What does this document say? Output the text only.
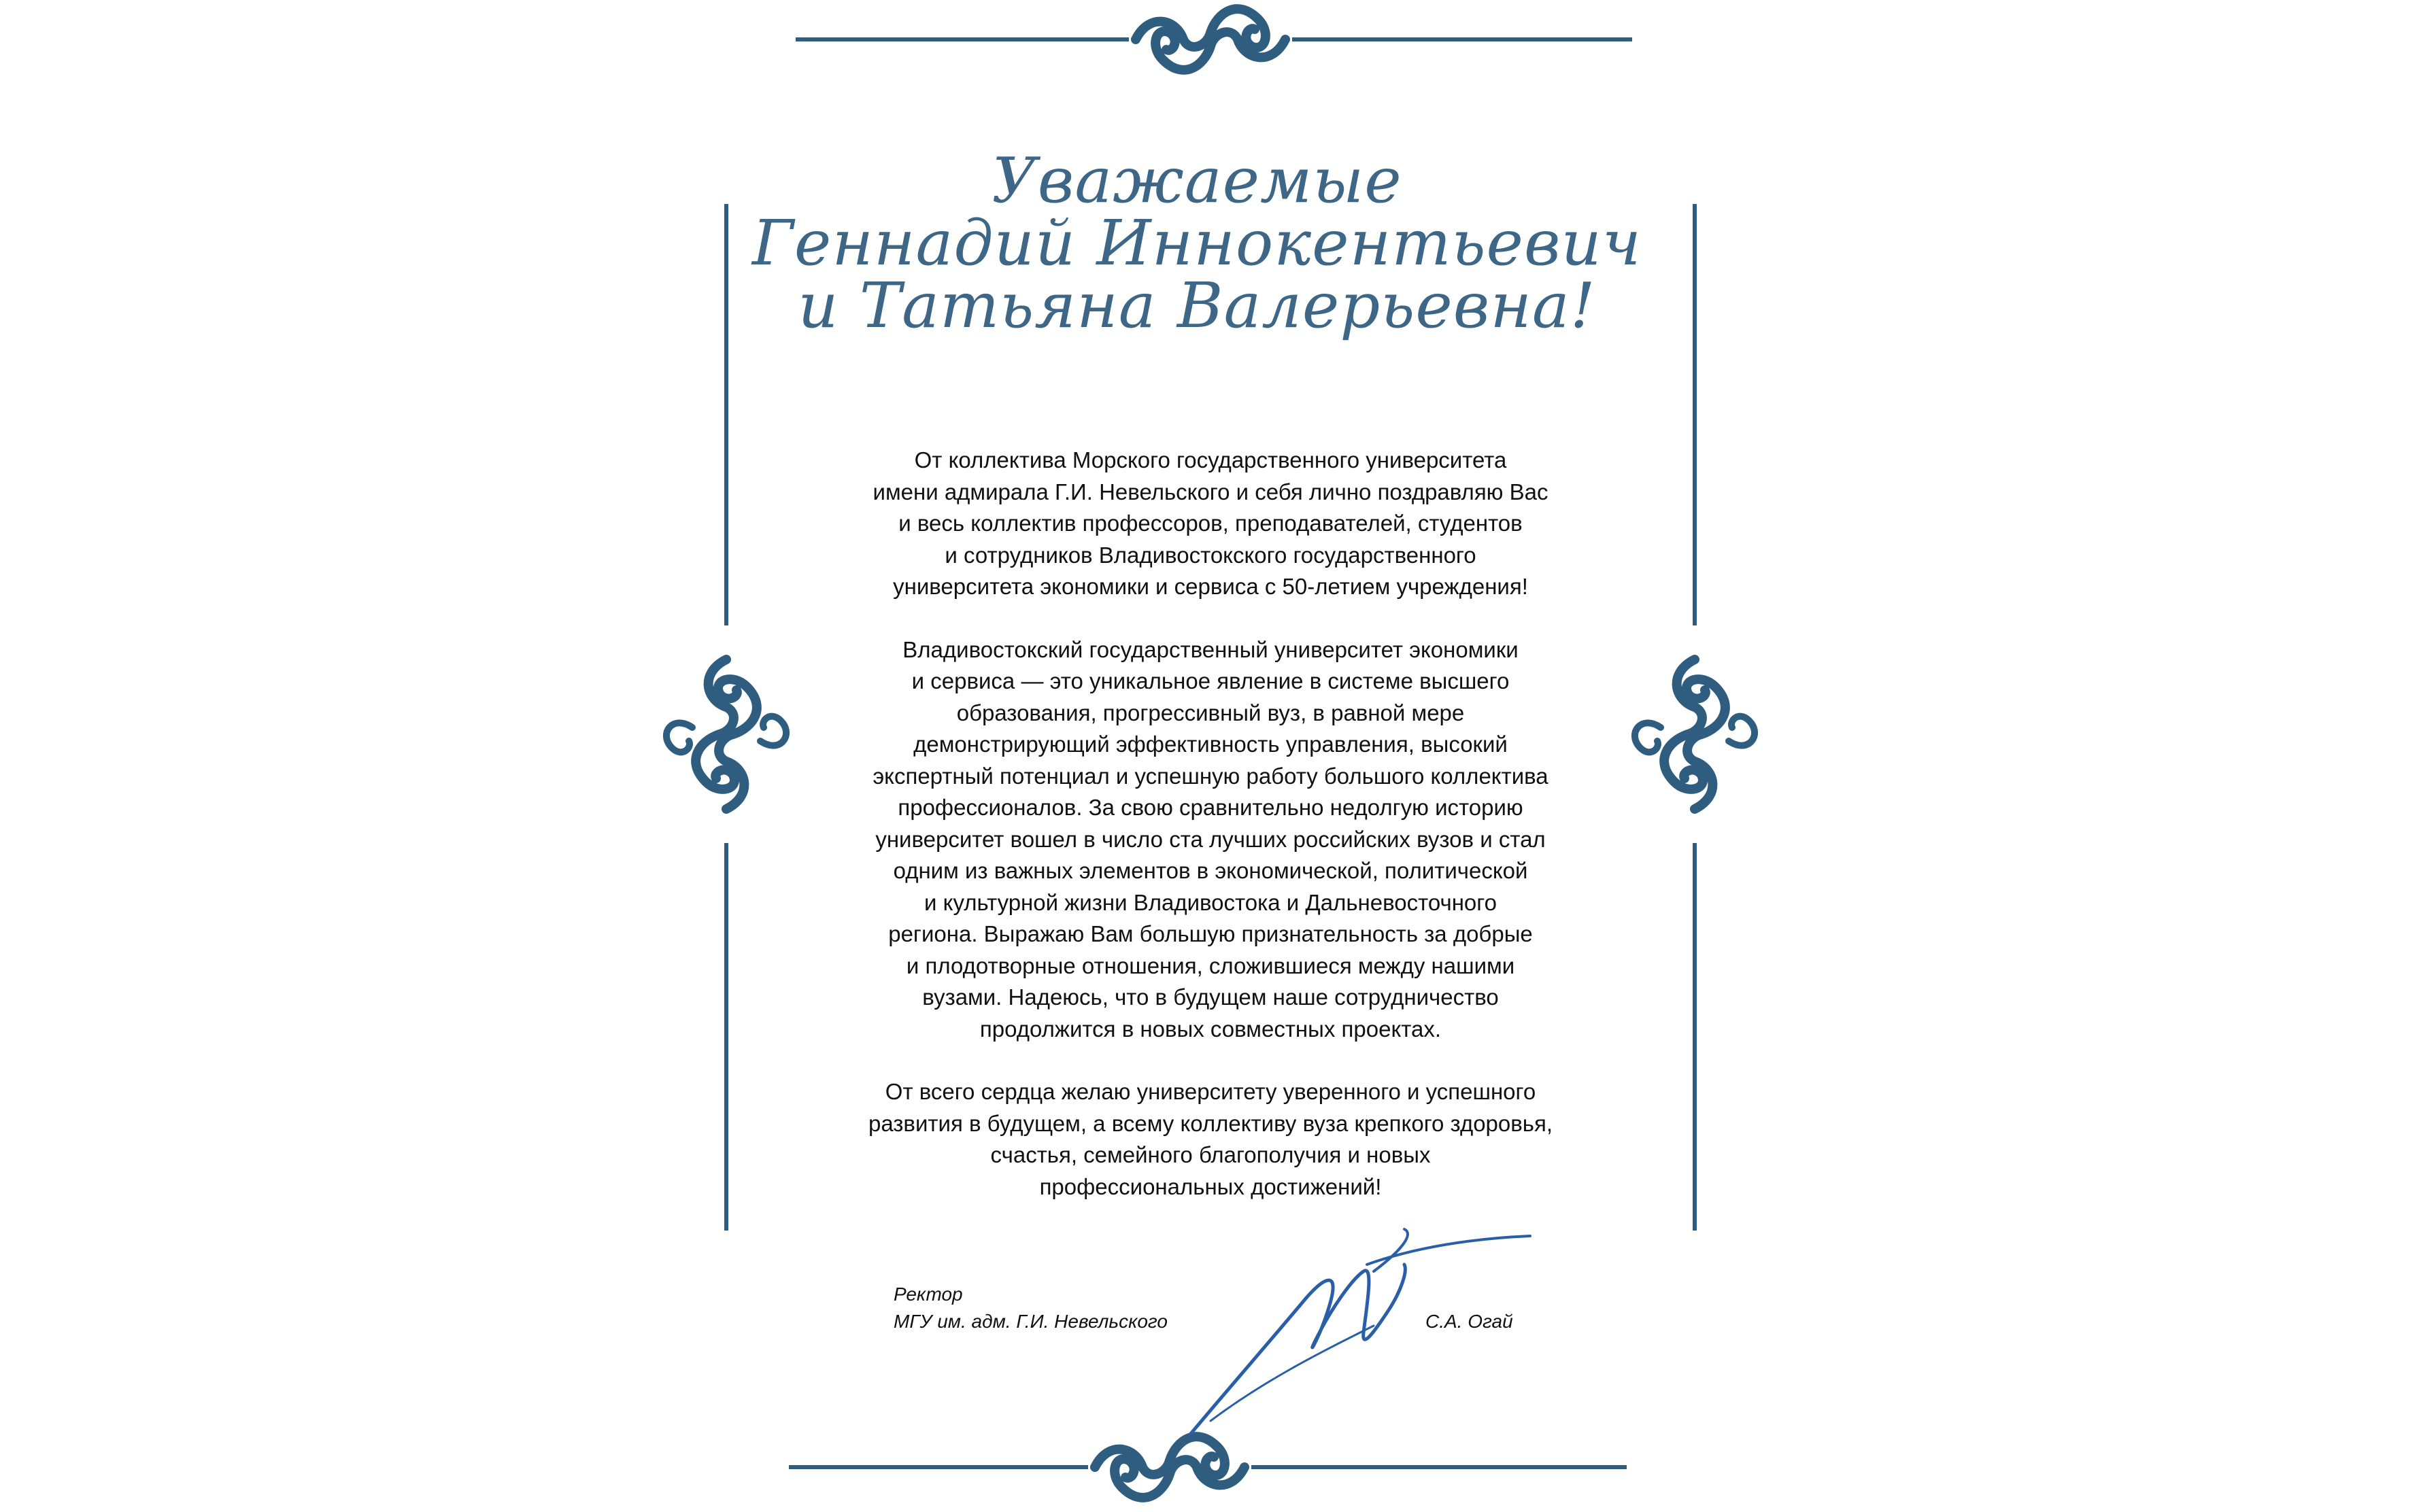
Уважаемые
Геннадий Иннокентьевич
и Татьяна Валерьевна!
От коллектива Морского государственного университета
имени адмирала Г.И. Невельского и себя лично поздравляю Вас
и весь коллектив профессоров, преподавателей, студентов
и сотрудников Владивостокского государственного
университета экономики и сервиса с 50-летием учреждения!
Владивостокский государственный университет экономики
и сервиса — это уникальное явление в системе высшего
образования, прогрессивный вуз, в равной мере
демонстрирующий эффективность управления, высокий
экспертный потенциал и успешную работу большого коллектива
профессионалов. За свою сравнительно недолгую историю
университет вошел в число ста лучших российских вузов и стал
одним из важных элементов в экономической, политической
и культурной жизни Владивостока и Дальневосточного
региона. Выражаю Вам большую признательность за добрые
и плодотворные отношения, сложившиеся между нашими
вузами. Надеюсь, что в будущем наше сотрудничество
продолжится в новых совместных проектах.
От всего сердца желаю университету уверенного и успешного
развития в будущем, а всему коллективу вуза крепкого здоровья,
счастья, семейного благополучия и новых
профессиональных достижений!
Ректор
МГУ им. адм. Г.И. Невельского	С.А. Огай
